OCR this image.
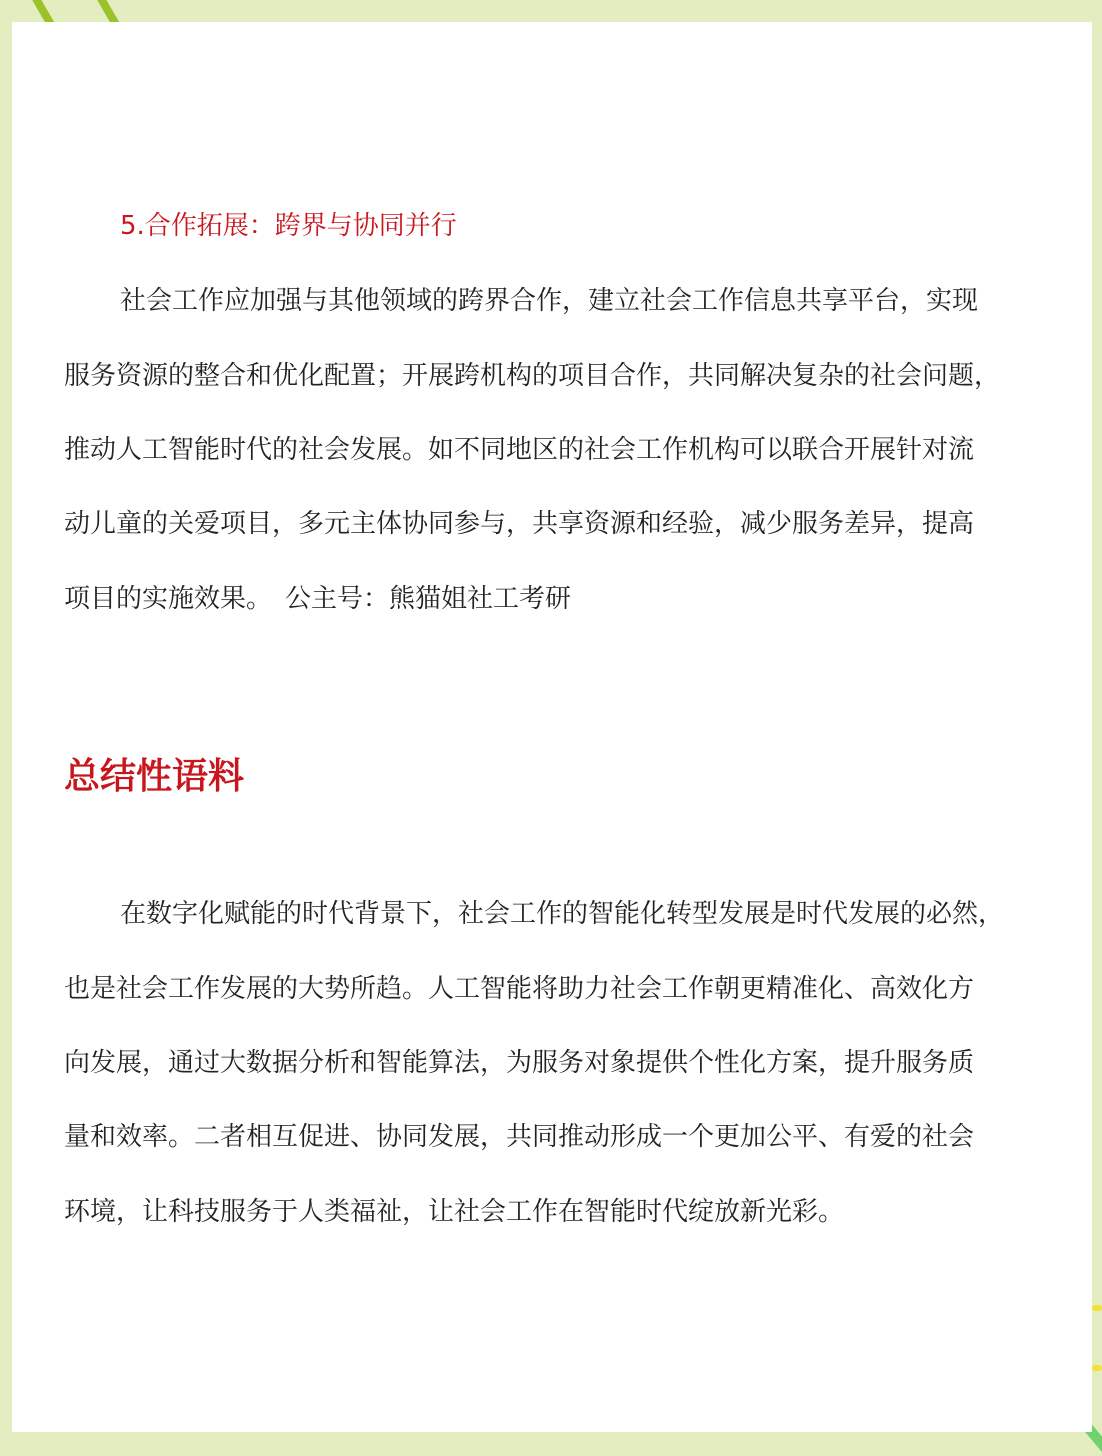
5.合作拓展：跨界与协同并行
社会工作应加强与其他领域的跨界合作，建立社会工作信息共享平台，实现
服务资源的整合和优化配置；开展跨机构的项目合作，共同解决复杂的社会问题，
推动人工智能时代的社会发展。如不同地区的社会工作机构可以联合开展针对流
动儿童的关爱项目，多元主体协同参与，共享资源和经验，减少服务差异，提高
项目的实施效果。　公主号：熊猫姐社工考研
总结性语料
在数字化赋能的时代背景下，社会工作的智能化转型发展是时代发展的必然，
也是社会工作发展的大势所趋。人工智能将助力社会工作朝更精准化、高效化方
向发展，通过大数据分析和智能算法，为服务对象提供个性化方案，提升服务质
量和效率。二者相互促进、协同发展，共同推动形成一个更加公平、有爱的社会
环境，让科技服务于人类福祉，让社会工作在智能时代绽放新光彩。
